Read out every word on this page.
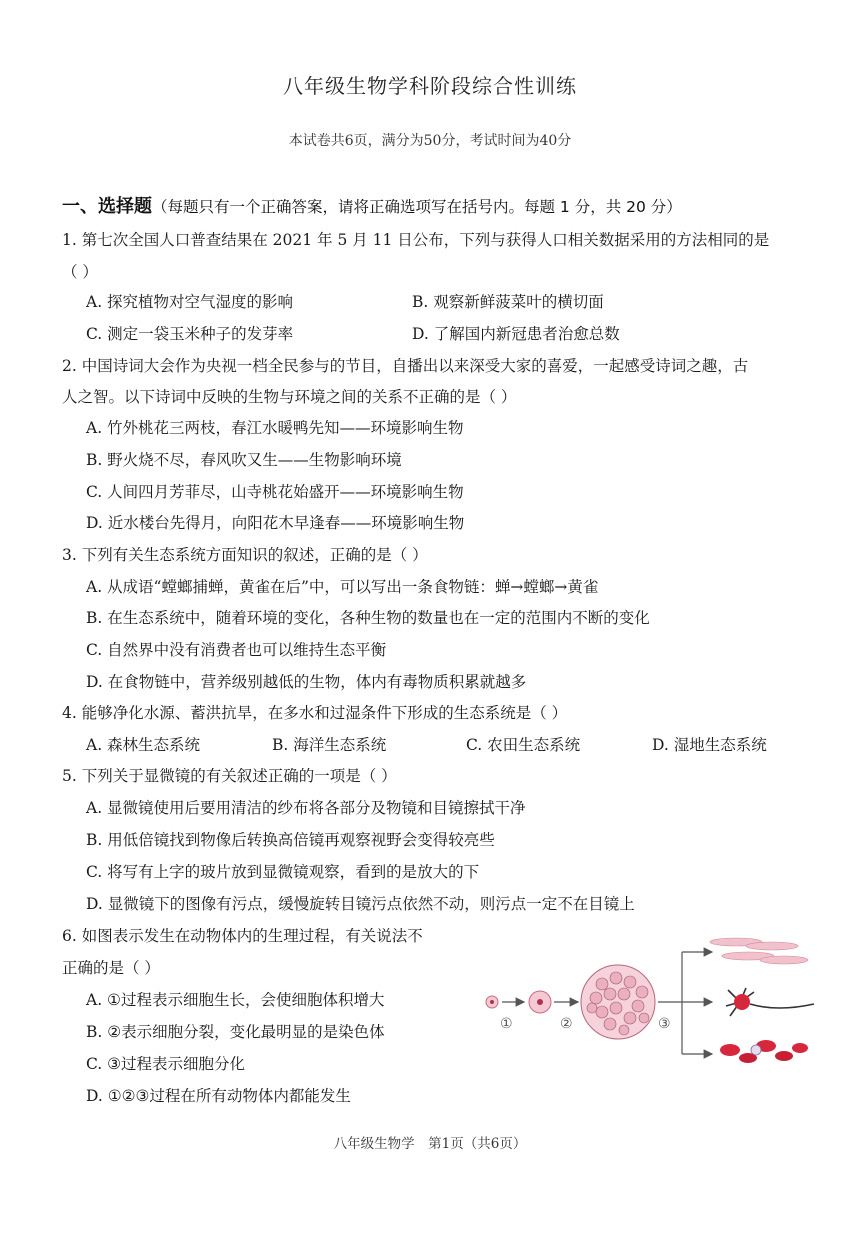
八年级生物学科阶段综合性训练
本试卷共6页，满分为50分，考试时间为40分
一、选择题（每题只有一个正确答案，请将正确选项写在括号内。每题 1 分，共 20 分）
1. 第七次全国人口普查结果在 2021 年 5 月 11 日公布，下列与获得人口相关数据采用的方法相同的是
（ ）
A. 探究植物对空气湿度的影响	B. 观察新鲜菠菜叶的横切面
C. 测定一袋玉米种子的发芽率	D. 了解国内新冠患者治愈总数
2. 中国诗词大会作为央视一档全民参与的节目，自播出以来深受大家的喜爱，一起感受诗词之趣，古
人之智。以下诗词中反映的生物与环境之间的关系不正确的是（ ）
A. 竹外桃花三两枝，春江水暖鸭先知——环境影响生物
B. 野火烧不尽，春风吹又生——生物影响环境
C. 人间四月芳菲尽，山寺桃花始盛开——环境影响生物
D. 近水楼台先得月，向阳花木早逢春——环境影响生物
3. 下列有关生态系统方面知识的叙述，正确的是（ ）
A. 从成语“螳螂捕蝉，黄雀在后”中，可以写出一条食物链：蝉→螳螂→黄雀
B. 在生态系统中，随着环境的变化，各种生物的数量也在一定的范围内不断的变化
C. 自然界中没有消费者也可以维持生态平衡
D. 在食物链中，营养级别越低的生物，体内有毒物质积累就越多
4. 能够净化水源、蓄洪抗旱，在多水和过湿条件下形成的生态系统是（ ）
A. 森林生态系统	B. 海洋生态系统	C. 农田生态系统	D. 湿地生态系统
5. 下列关于显微镜的有关叙述正确的一项是（ ）
A. 显微镜使用后要用清洁的纱布将各部分及物镜和目镜擦拭干净
B. 用低倍镜找到物像后转换高倍镜再观察视野会变得较亮些
C. 将写有上字的玻片放到显微镜观察，看到的是放大的下
D. 显微镜下的图像有污点，缓慢旋转目镜污点依然不动，则污点一定不在目镜上
6. 如图表示发生在动物体内的生理过程，有关说法不
正确的是（ ）
A. ①过程表示细胞生长，会使细胞体积增大
B. ②表示细胞分裂，变化最明显的是染色体
C. ③过程表示细胞分化
D. ①②③过程在所有动物体内都能发生
①	②	③
八年级生物学　第1页（共6页）
